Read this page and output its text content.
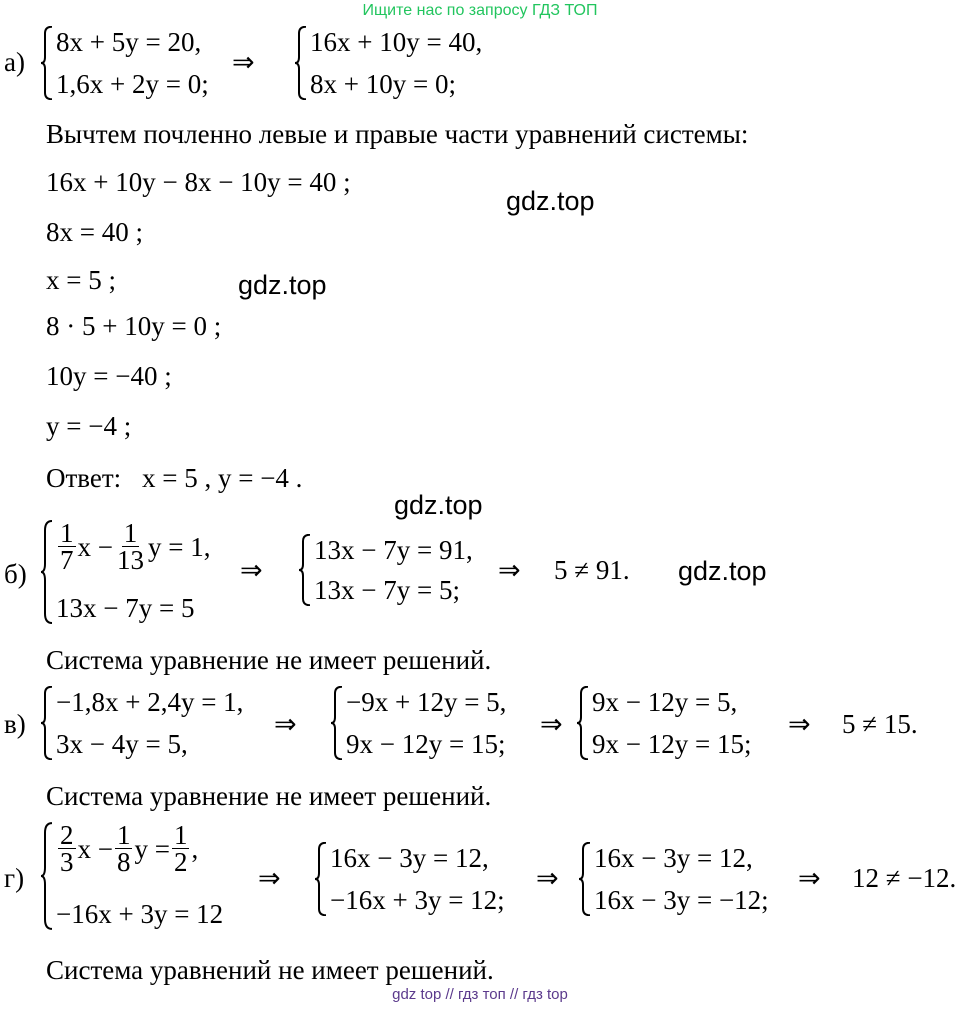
Ищите нас по запросу ГДЗ ТОП
а)
8x + 5y = 20,
1,6x + 2y = 0;
⇒
16x + 10y = 40,
8x + 10y = 0;
Вычтем почленно левые и правые части уравнений системы:
16x + 10y − 8x − 10y = 40 ;
8x = 40 ;
x = 5 ;
8 · 5 + 10y = 0 ;
10y = −40 ;
y = −4 ;
Ответ: x = 5 , y = −4 .
gdz.top
gdz.top
gdz.top
gdz.top
б)
$\frac{1}{7}$ $x - \frac{1}{13}$ y = 1,
13x − 7y = 5
⇒
13x − 7y = 91,
13x − 7y = 5;
⇒ 5 ≠ 91.
Система уравнение не имеет решений.
в)
−1,8x + 2,4y = 1,
3x − 4y = 5,
⇒
−9x + 12y = 5,
9x − 12y = 15;
⇒
9x − 12y = 5,
9x − 12y = 15;
⇒ 5 ≠ 15.
Система уравнение не имеет решений.
г)
$\frac{2}{3}$ $x - \frac{1}{8}$ $y = \frac{1}{2}$ ,
−16x + 3y = 12
⇒
16x − 3y = 12,
−16x + 3y = 12;
⇒
16x − 3y = 12,
16x − 3y = −12;
⇒ 12 ≠ −12.
Система уравнений не имеет решений.
gdz top // гдз топ // гдз top
